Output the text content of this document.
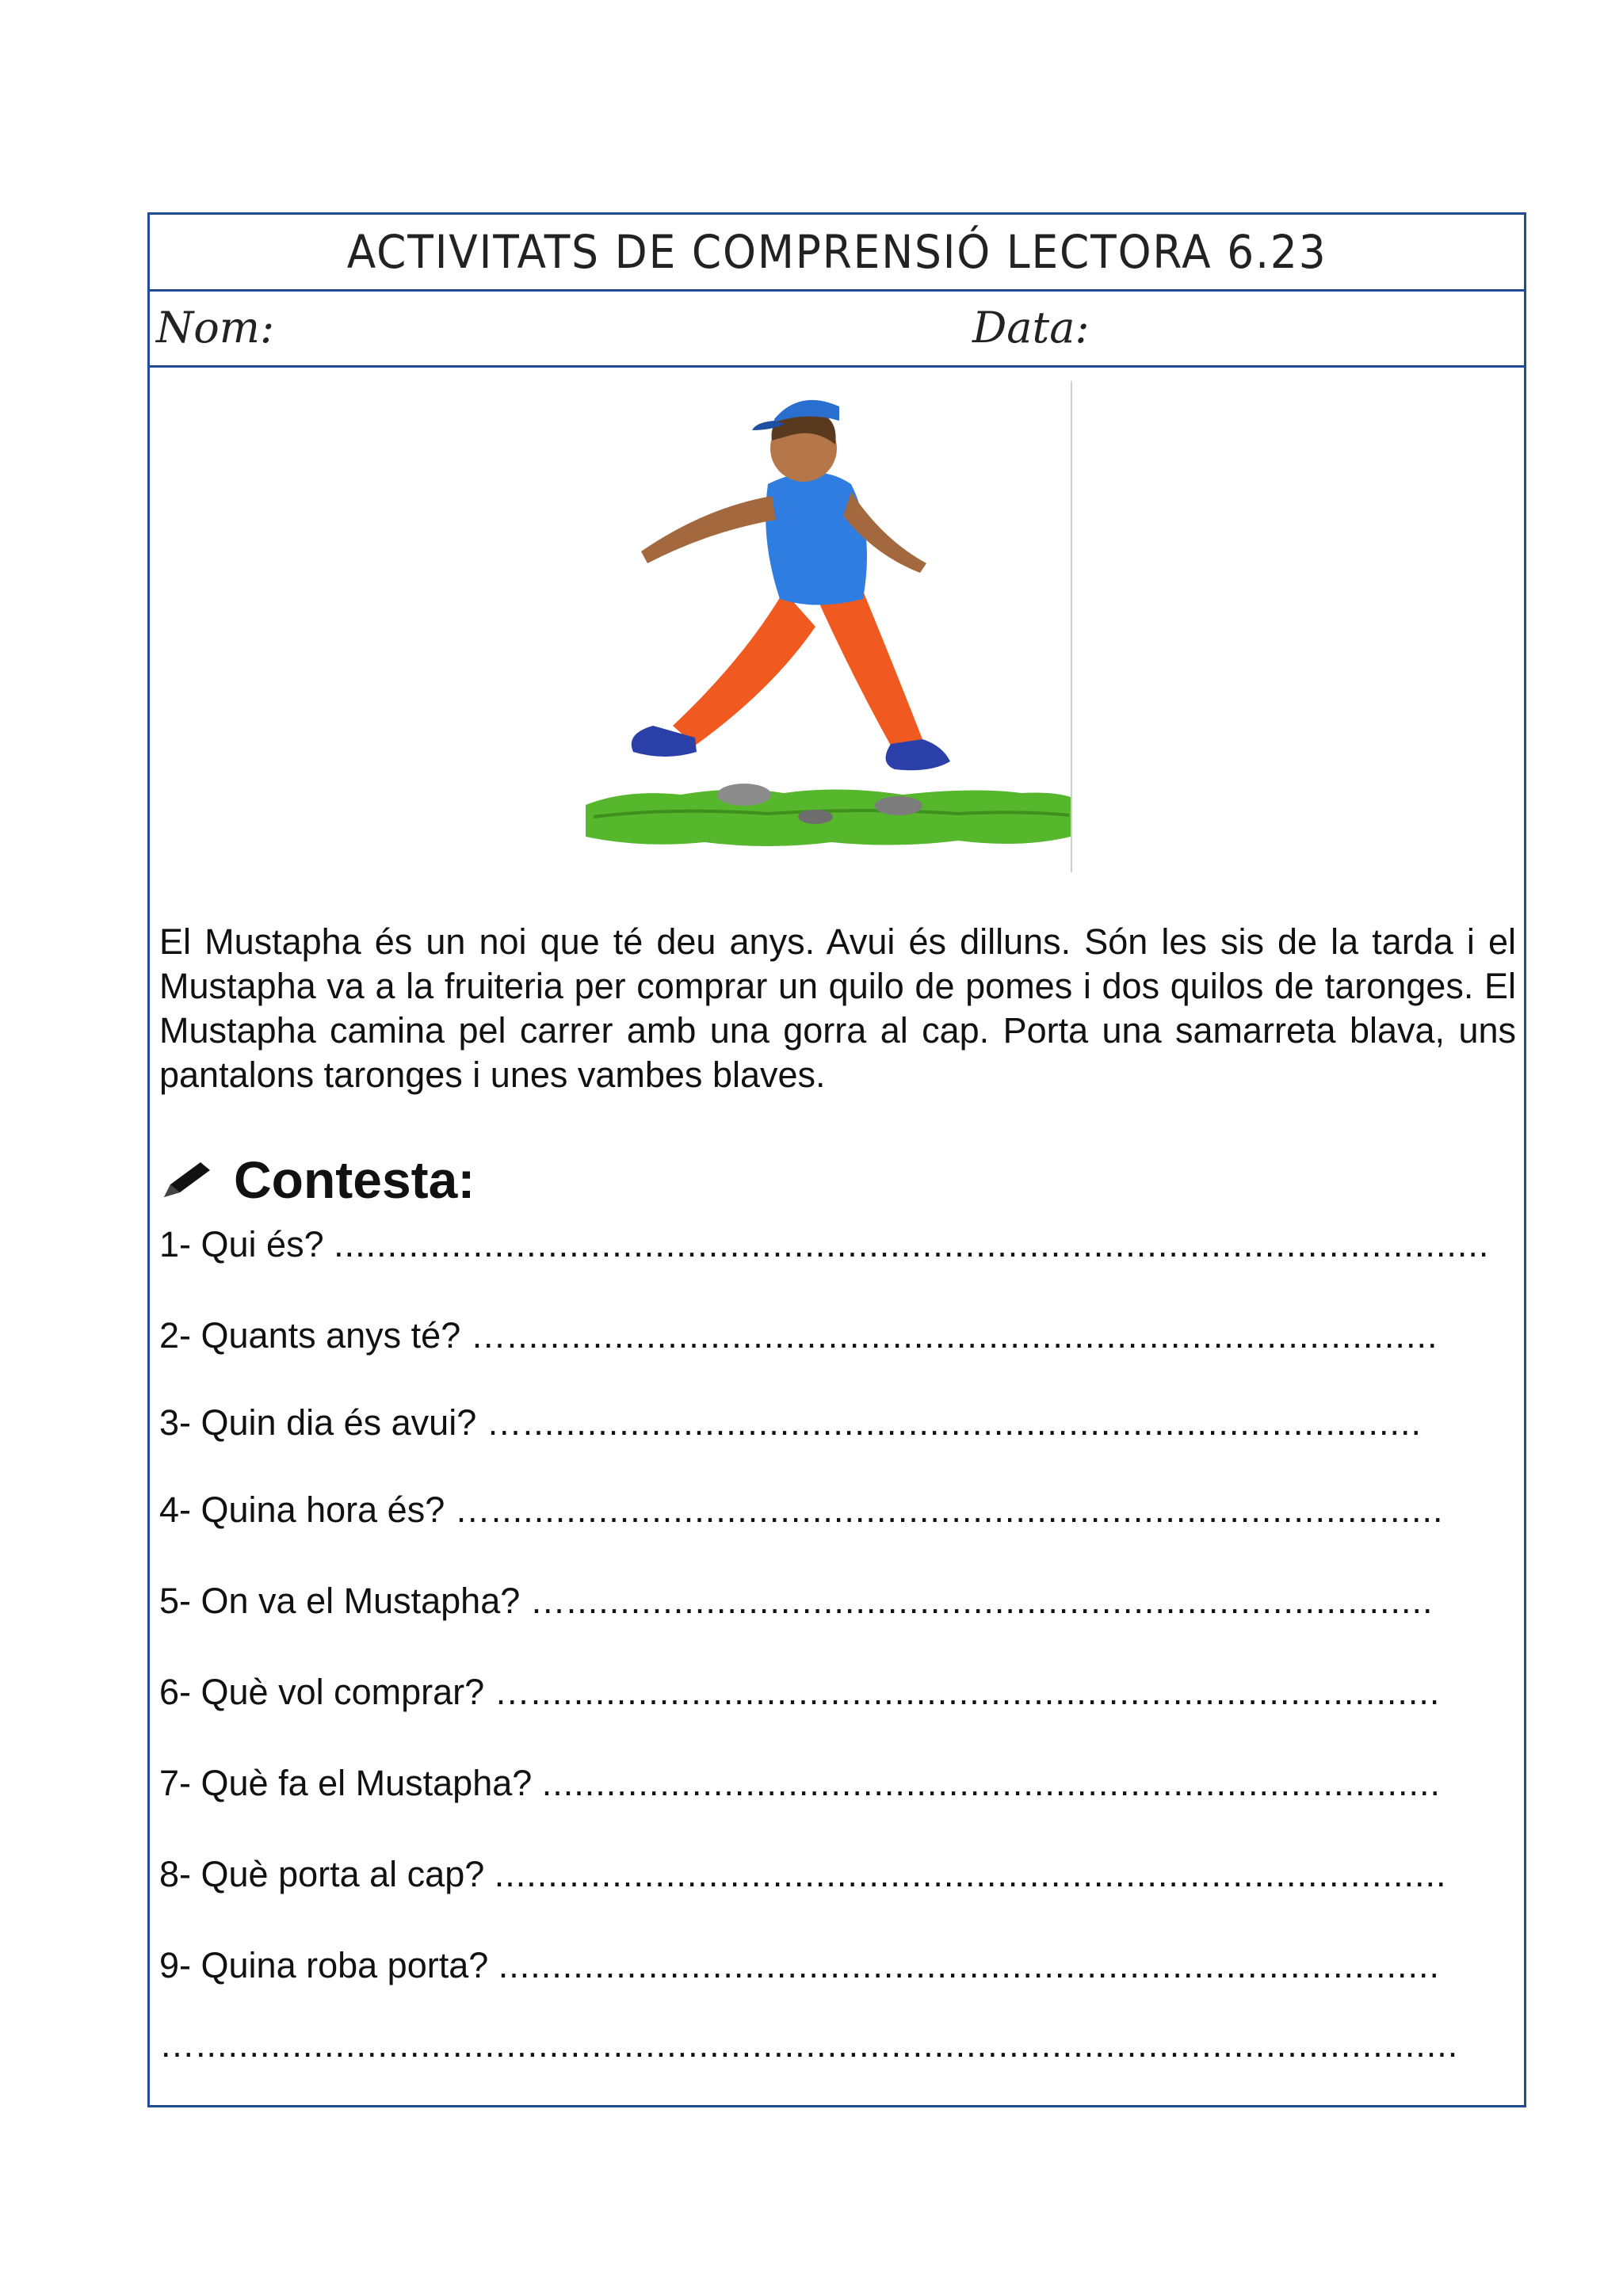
ACTIVITATS DE COMPRENSIÓ LECTORA 6.23
Nom:	Data:
El Mustapha és un noi que té deu anys. Avui és dilluns. Són les sis de la tarda i el Mustapha va a la fruiteria per comprar un quilo de pomes i dos quilos de taronges. El Mustapha camina pel carrer amb una gorra al cap. Porta una samarreta blava, uns pantalons taronges i unes vambes blaves.
Contesta:
1- Qui és? ............................................................................................................
2- Quants anys té? ….......................................................................................
3- Quin dia és avui? …....................................................................................
4- Quina hora és? ….........................................................................................
5- On va el Mustapha? ….................................................................................
6- Què vol comprar? ….....................................................................................
7- Què fa el Mustapha? ....................................................................................
8- Què porta al cap? .........................................................................................
9- Quina roba porta? ........................................................................................
…......................................................................................................................
